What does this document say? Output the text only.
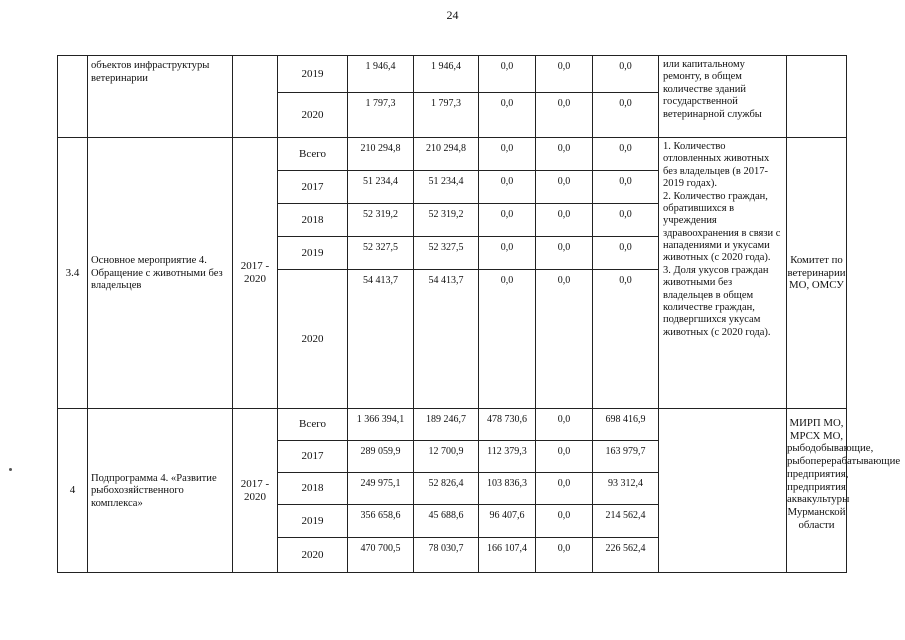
24
	объектов инфраструктуры ветеринарии		2019	1 946,4	1 946,4	0,0	0,0	0,0	или капитальному ремонту, в общем количестве зданий государственной ветеринарной службы	
			2020	1 797,3	1 797,3	0,0	0,0	0,0		
3.4	Основное мероприятие 4. Обращение с животными без владельцев	2017 - 2020	Всего	210 294,8	210 294,8	0,0	0,0	0,0	1. Количество отловленных животных без владельцев (в 2017-2019 годах).
2. Количество граждан, обратившихся в учреждения здравоохранения в связи с нападениями и укусами животных (с 2020 года).
3. Доля укусов граждан животными без владельцев в общем количестве граждан, подвергшихся укусам животных (с 2020 года).	Комитет по ветеринарии МО, ОМСУ
			2017	51 234,4	51 234,4	0,0	0,0	0,0		
			2018	52 319,2	52 319,2	0,0	0,0	0,0		
			2019	52 327,5	52 327,5	0,0	0,0	0,0		
			2020	54 413,7	54 413,7	0,0	0,0	0,0		
4	Подпрограмма 4. «Развитие рыбохозяйственного комплекса»	2017 - 2020	Всего	1 366 394,1	189 246,7	478 730,6	0,0	698 416,9		МИРП МО, МРСХ МО, рыбодобывающие, рыбоперерабатывающие предприятия, предприятия аквакультуры Мурманской области
			2017	289 059,9	12 700,9	112 379,3	0,0	163 979,7		
			2018	249 975,1	52 826,4	103 836,3	0,0	93 312,4		
			2019	356 658,6	45 688,6	96 407,6	0,0	214 562,4		
			2020	470 700,5	78 030,7	166 107,4	0,0	226 562,4		
